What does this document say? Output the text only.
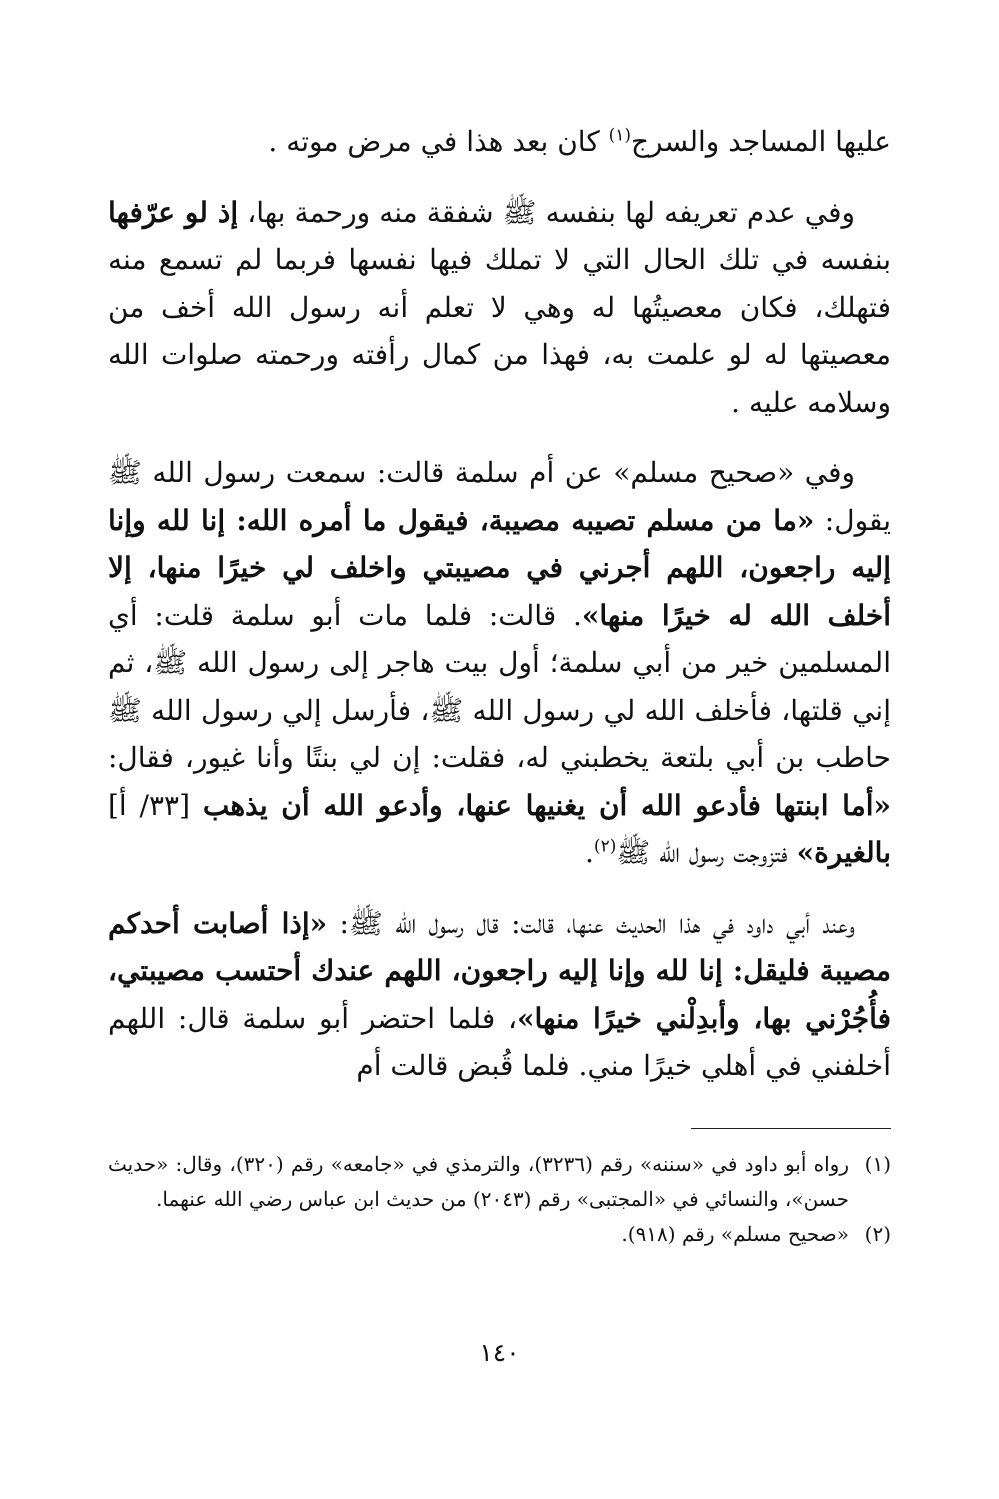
عليها المساجد والسرج$^{(١)}$ كان بعد هذا في مرض موته .

وفي عدم تعريفه لها بنفسه ﷺ شفقة منه ورحمة بها، إذ لو عرّفها بنفسه في تلك الحال التي لا تملك فيها نفسها فربما لم تسمع منه فتهلك، فكان معصيتُها له وهي لا تعلم أنه رسول الله أخف من معصيتها له لو علمت به، فهذا من كمال رأفته ورحمته صلوات الله وسلامه عليه .

وفي «صحيح مسلم» عن أم سلمة قالت: سمعت رسول الله ﷺ يقول: «ما من مسلم تصيبه مصيبة، فيقول ما أمره الله: إنا لله وإنا إليه راجعون، اللهم أجرني في مصيبتي واخلف لي خيرًا منها، إلا أخلف الله له خيرًا منها». قالت: فلما مات أبو سلمة قلت: أي المسلمين خير من أبي سلمة؛ أول بيت هاجر إلى رسول الله ﷺ، ثم إني قلتها، فأخلف الله لي رسول الله ﷺ، فأرسل إلي رسول الله ﷺ حاطب بن أبي بلتعة يخطبني له، فقلت: إن لي بنتًا وأنا غيور، فقال: «أما ابنتها فأدعو الله أن يغنيها عنها، وأدعو الله أن يذهب [٣٣/ أ] بالغيرة» فتزوجت رسول الله ﷺ$^{(٢)}$.

وعند أبي داود في هذا الحديث عنها، قالت: قال رسول الله ﷺ: «إذا أصابت أحدكم مصيبة فليقل: إنا لله وإنا إليه راجعون، اللهم عندك أحتسب مصيبتي، فأُجُرْني بها، وأبدِلْني خيرًا منها»، فلما احتضر أبو سلمة قال: اللهم أخلفني في أهلي خيرًا مني. فلما قُبض قالت أم

(١)
رواه أبو داود في «سننه» رقم (٣٢٣٦)، والترمذي في «جامعه» رقم (٣٢٠)، وقال: «حديث حسن»، والنسائي في «المجتبى» رقم (٢٠٤٣) من حديث ابن عباس رضي الله عنهما.
(٢)
«صحيح مسلم» رقم (٩١٨).
١٤٠
